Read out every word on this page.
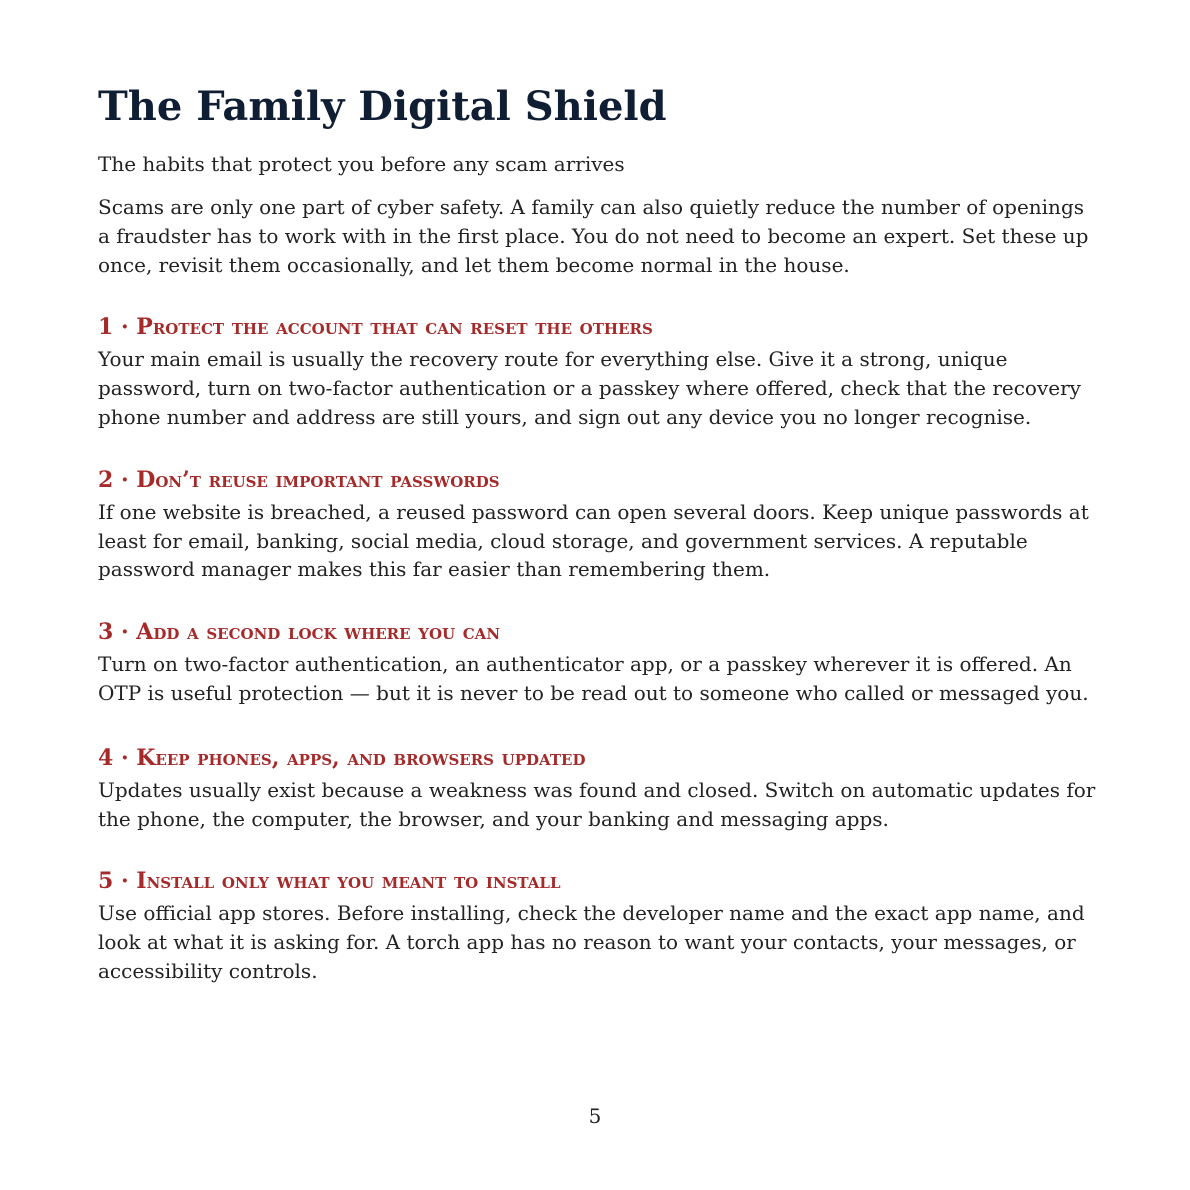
The Family Digital Shield

The habits that protect you before any scam arrives

Scams are only one part of cyber safety. A family can also quietly reduce the number of openings a fraudster has to work with in the first place. You do not need to become an expert. Set these up once, revisit them occasionally, and let them become normal in the house.

1 · Protect the account that can reset the others

Your main email is usually the recovery route for everything else. Give it a strong, unique password, turn on two-factor authentication or a passkey where offered, check that the recovery phone number and address are still yours, and sign out any device you no longer recognise.

2 · Don’t reuse important passwords

If one website is breached, a reused password can open several doors. Keep unique passwords at least for email, banking, social media, cloud storage, and government services. A reputable password manager makes this far easier than remembering them.

3 · Add a second lock where you can

Turn on two-factor authentication, an authenticator app, or a passkey wherever it is offered. An OTP is useful protection — but it is never to be read out to someone who called or messaged you.

4 · Keep phones, apps, and browsers updated

Updates usually exist because a weakness was found and closed. Switch on automatic updates for the phone, the computer, the browser, and your banking and messaging apps.

5 · Install only what you meant to install

Use official app stores. Before installing, check the developer name and the exact app name, and look at what it is asking for. A torch app has no reason to want your contacts, your messages, or accessibility controls.

5
